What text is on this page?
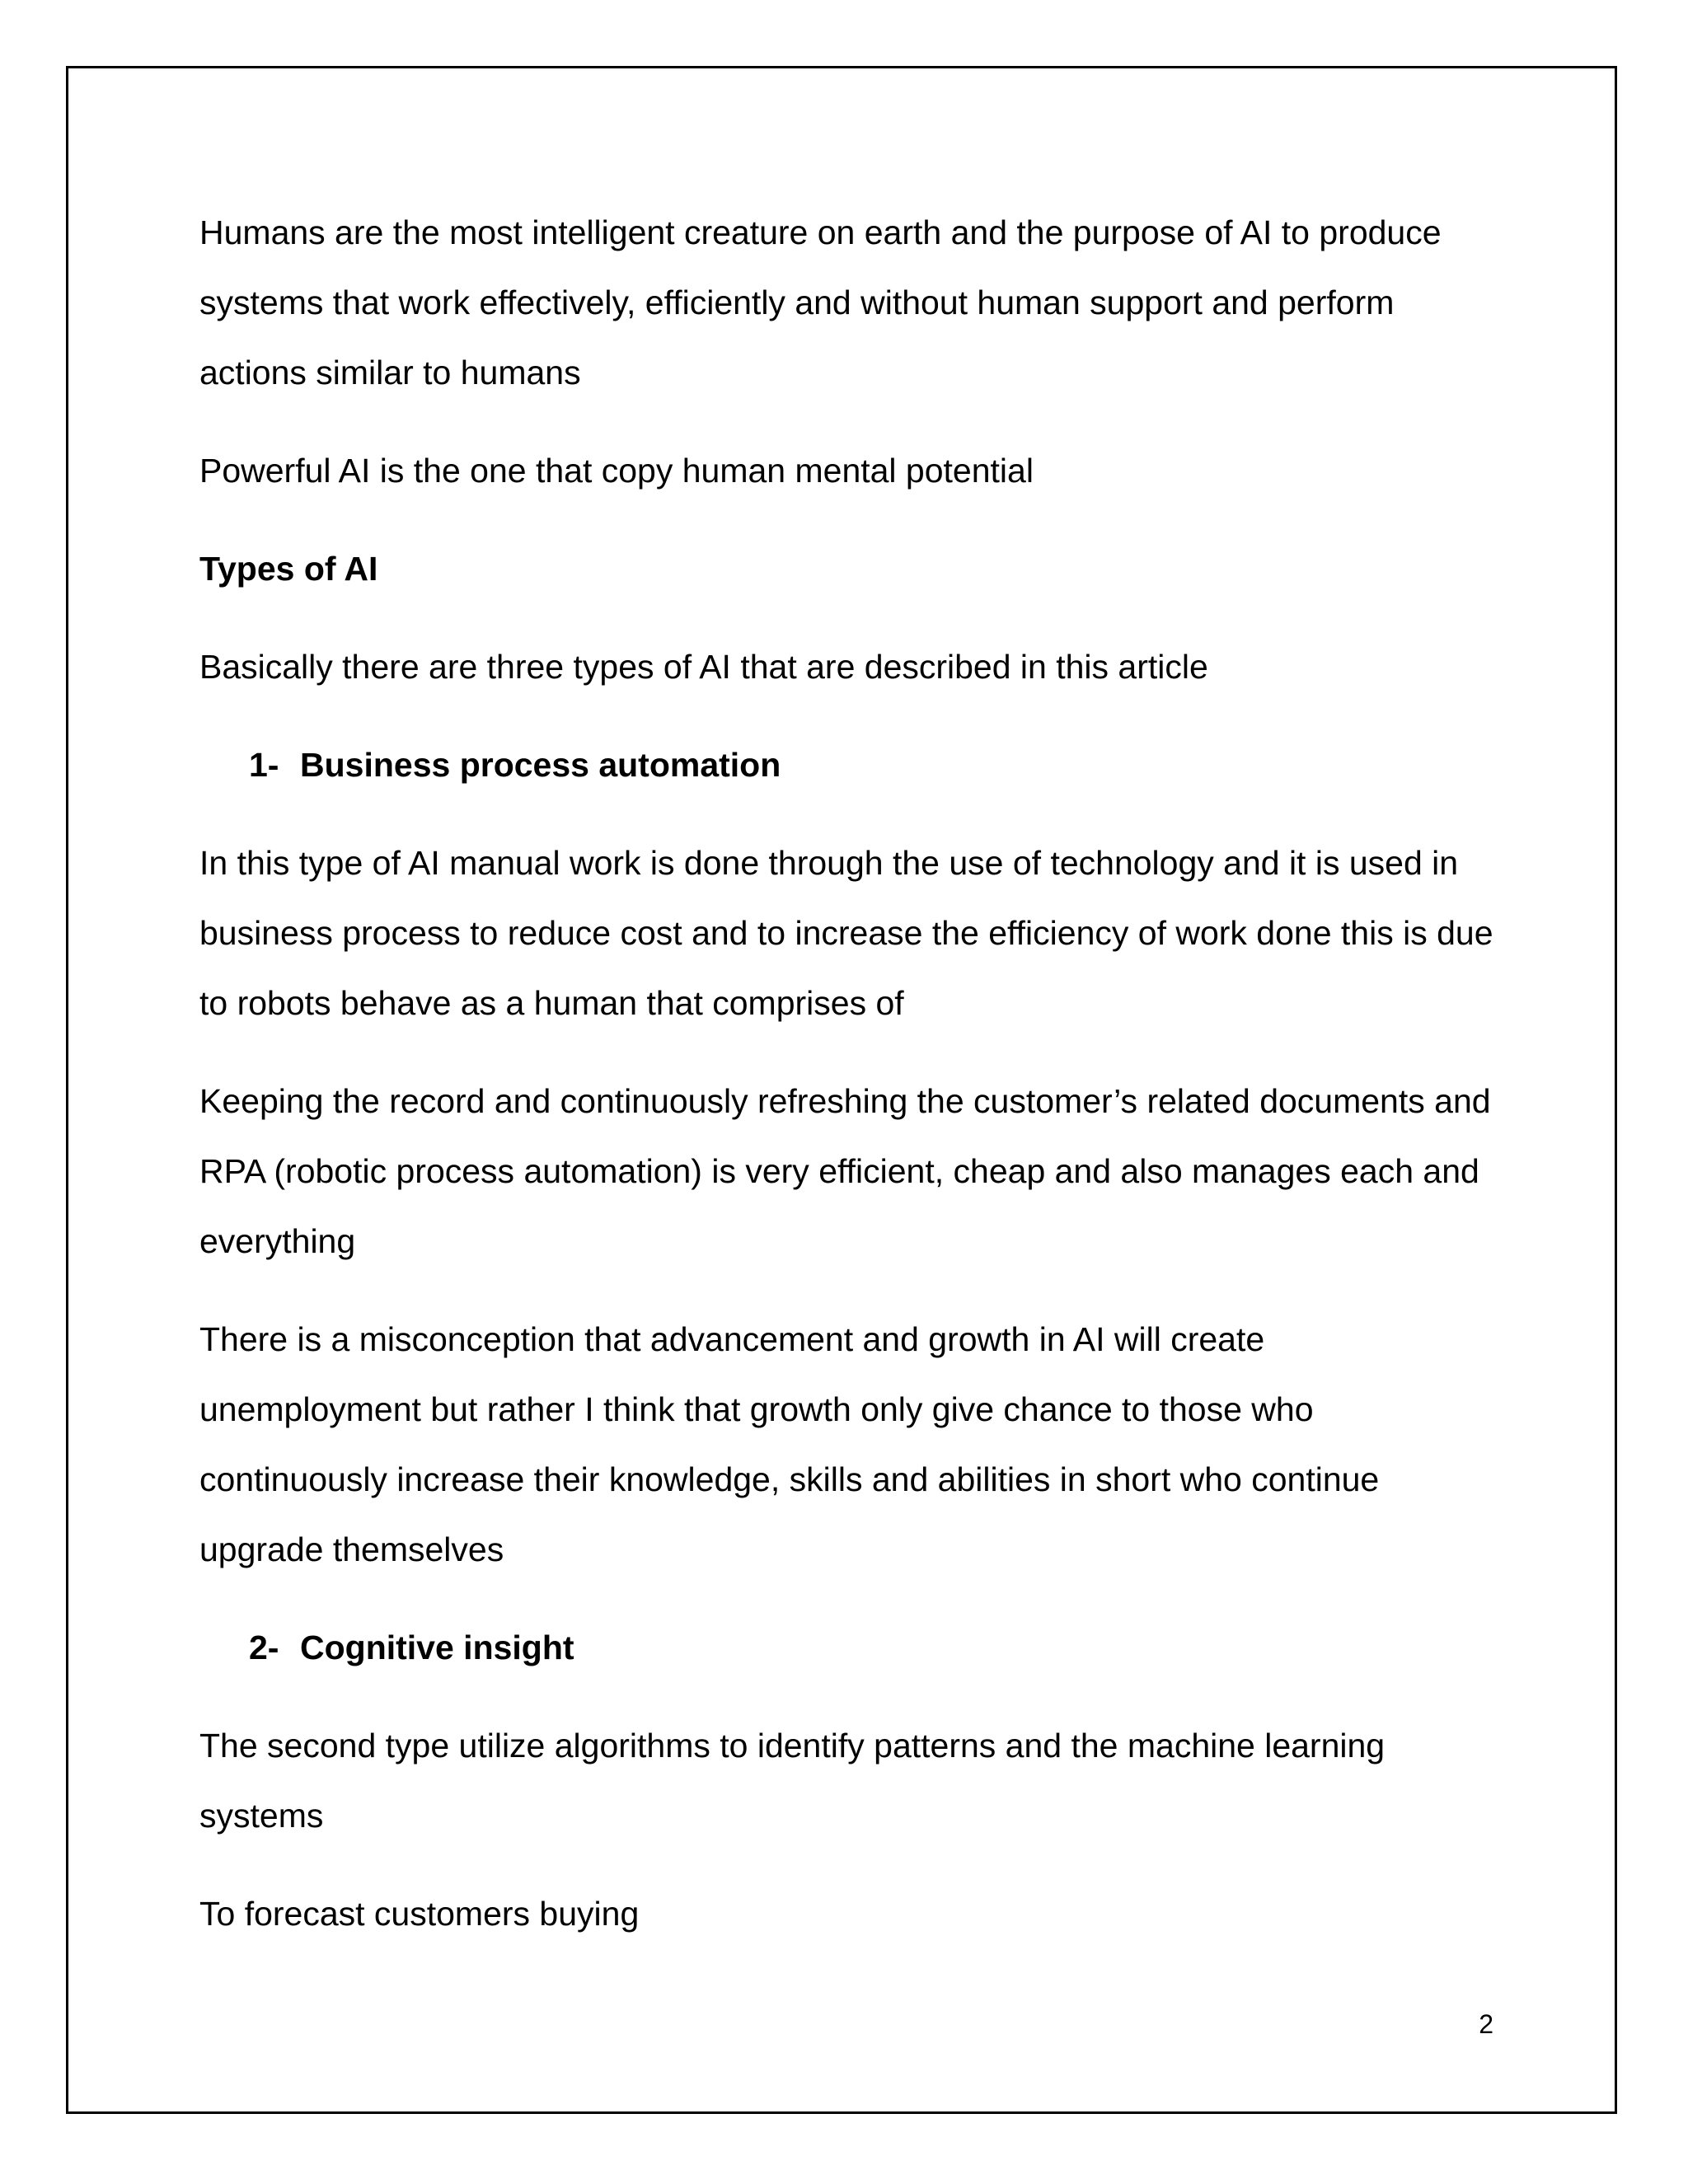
Humans are the most intelligent creature on earth and the purpose of AI to produce systems that work effectively, efficiently and without human support and perform actions similar to humans

Powerful AI is the one that copy human mental potential

Types of AI

Basically there are three types of AI that are described in this article

1- Business process automation

In this type of AI manual work is done through the use of technology and it is used in business process to reduce cost and to increase the efficiency of work done this is due to robots behave as a human that comprises of

Keeping the record and continuously refreshing the customer’s related documents and RPA (robotic process automation) is very efficient, cheap and also manages each and everything

There is a misconception that advancement and growth in AI will create unemployment but rather I think that growth only give chance to those who continuously increase their knowledge, skills and abilities in short who continue upgrade themselves

2- Cognitive insight

The second type utilize algorithms to identify patterns and the machine learning systems

To forecast customers buying

2
